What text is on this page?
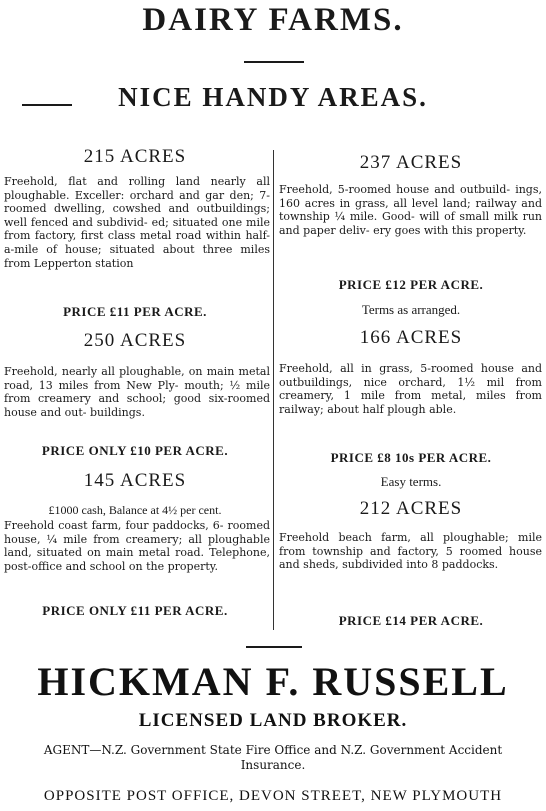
DAIRY FARMS.
NICE HANDY AREAS.
215 ACRES
Freehold, flat and rolling land nearly all ploughable. Exceller: orchard and gar den; 7-roomed dwelling, cowshed and outbuildings; well fenced and subdivid- ed; situated one mile from factory, first class metal road within half-a-mile of house; situated about three miles from Lepperton station
PRICE £11 PER ACRE.
250 ACRES
Freehold, nearly all ploughable, on main metal road, 13 miles from New Ply- mouth; ½ mile from creamery and school; good six-roomed house and out- buildings.
PRICE ONLY £10 PER ACRE.
145 ACRES
£1000 cash, Balance at 4½ per cent.
Freehold coast farm, four paddocks, 6- roomed house, ¼ mile from creamery; all ploughable land, situated on main metal road. Telephone, post-office and school on the property.
PRICE ONLY £11 PER ACRE.
237 ACRES
Freehold, 5-roomed house and outbuild- ings, 160 acres in grass, all level land; railway and township ¼ mile. Good- will of small milk run and paper deliv- ery goes with this property.
PRICE £12 PER ACRE.
Terms as arranged.
166 ACRES
Freehold, all in grass, 5-roomed house and outbuildings, nice orchard, 1½ mil from creamery, 1 mile from metal, miles from railway; about half plough able.
PRICE £8 10s PER ACRE.
Easy terms.
212 ACRES
Freehold beach farm, all ploughable; mile from township and factory, 5 roomed house and sheds, subdivided into 8 paddocks.
PRICE £14 PER ACRE.
HICKMAN F. RUSSELL
LICENSED LAND BROKER.
AGENT—N.Z. Government State Fire Office and N.Z. Government Accident Insurance.
OPPOSITE POST OFFICE, DEVON STREET, NEW PLYMOUTH
